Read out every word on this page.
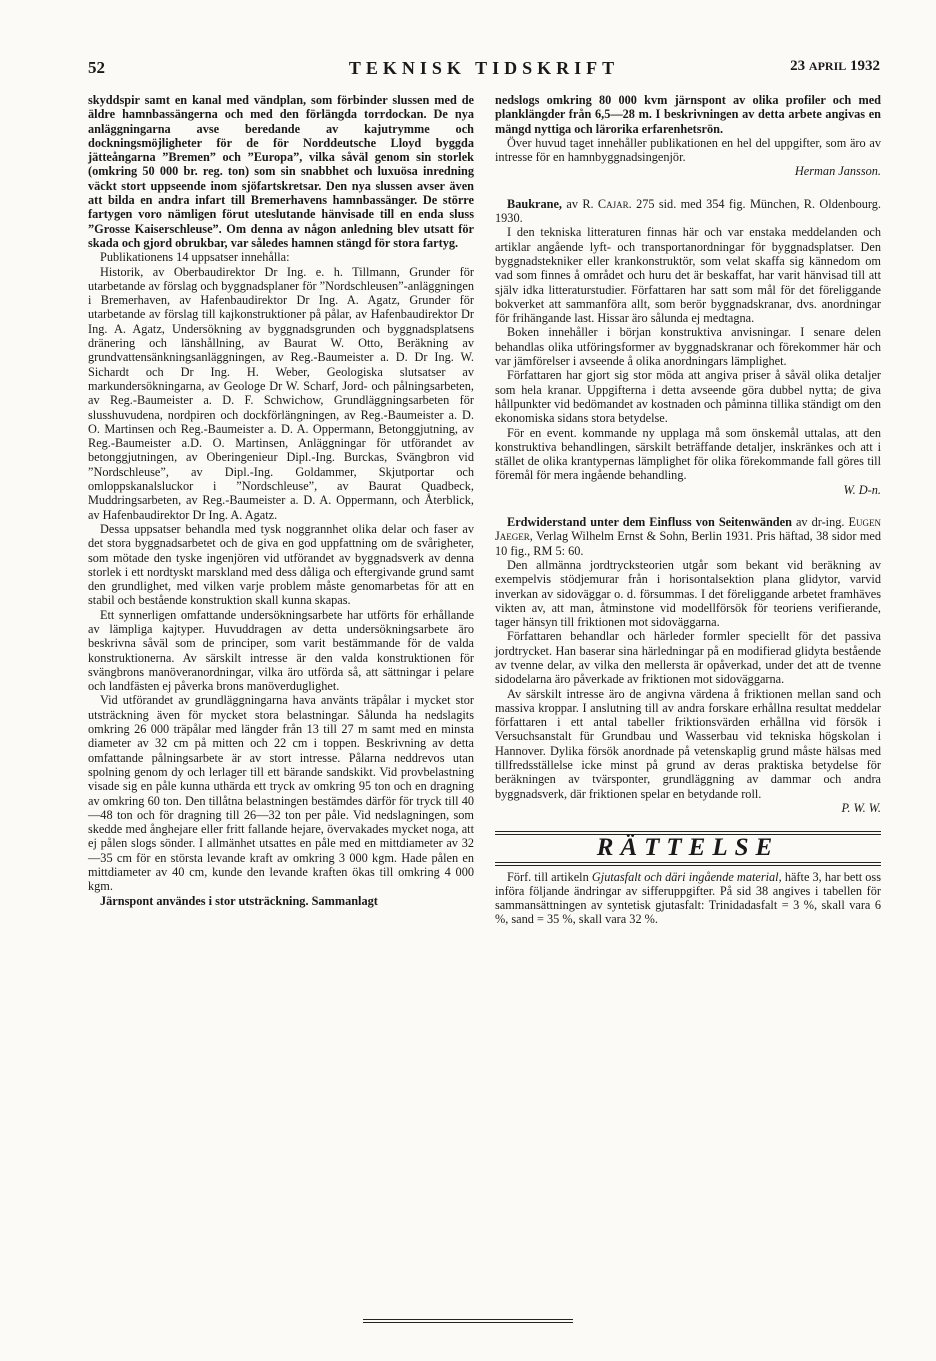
52	TEKNISK TIDSKRIFT	23 APRIL 1932

skyddspir samt en kanal med vändplan, som förbinder slussen med de äldre hamnbassängerna och med den förlängda torrdockan. De nya anläggningarna avse beredande av kajutrymme och dockningsmöjligheter för de för Norddeutsche Lloyd byggda jätteångarna ”Bremen” och ”Europa”, vilka såväl genom sin storlek (omkring 50 000 br. reg. ton) som sin snabbhet och luxuösa inredning väckt stort uppseende inom sjöfartskretsar. Den nya slussen avser även att bilda en andra infart till Bremerhavens hamnbassänger. De större fartygen voro nämligen förut uteslutande hänvisade till en enda sluss ”Grosse Kaiserschleuse”. Om denna av någon anledning blev utsatt för skada och gjord obrukbar, var således hamnen stängd för stora fartyg.

Publikationens 14 uppsatser innehålla:

Historik, av Oberbaudirektor Dr Ing. e. h. Tillmann, Grunder för utarbetande av förslag och byggnadsplaner för ”Nordschleusen”-anläggningen i Bremerhaven, av Hafenbaudirektor Dr Ing. A. Agatz, Grunder för utarbetande av förslag till kajkonstruktioner på pålar, av Hafenbaudirektor Dr Ing. A. Agatz, Undersökning av byggnadsgrunden och byggnadsplatsens dränering och länshållning, av Baurat W. Otto, Beräkning av grundvattensänkningsanläggningen, av Reg.-Baumeister a. D. Dr Ing. W. Sichardt och Dr Ing. H. Weber, Geologiska slutsatser av markundersökningarna, av Geologe Dr W. Scharf, Jord- och pålningsarbeten, av Reg.-Baumeister a. D. F. Schwichow, Grundläggningsarbeten för slusshuvudena, nordpiren och dockförlängningen, av Reg.-Baumeister a. D. O. Martinsen och Reg.-Baumeister a. D. A. Oppermann, Betonggjutning, av Reg.-Baumeister a.D. O. Martinsen, Anläggningar för utförandet av betonggjutningen, av Oberingenieur Dipl.-Ing. Burckas, Svängbron vid ”Nordschleuse”, av Dipl.-Ing. Goldammer, Skjutportar och omloppskanalsluckor i ”Nordschleuse”, av Baurat Quadbeck, Muddringsarbeten, av Reg.-Baumeister a. D. A. Oppermann, och Återblick, av Hafenbaudirektor Dr Ing. A. Agatz.

Dessa uppsatser behandla med tysk noggrannhet olika delar och faser av det stora byggnadsarbetet och de giva en god uppfattning om de svårigheter, som mötade den tyske ingenjören vid utförandet av byggnadsverk av denna storlek i ett nordtyskt marskland med dess dåliga och eftergivande grund samt den grundlighet, med vilken varje problem måste genomarbetas för att en stabil och bestående konstruktion skall kunna skapas.

Ett synnerligen omfattande undersökningsarbete har utförts för erhållande av lämpliga kajtyper. Huvuddragen av detta undersökningsarbete äro beskrivna såväl som de principer, som varit bestämmande för de valda konstruktionerna. Av särskilt intresse är den valda konstruktionen för svängbrons manöveranordningar, vilka äro utförda så, att sättningar i pelare och landfästen ej påverka brons manöverduglighet.

Vid utförandet av grundläggningarna hava använts träpålar i mycket stor utsträckning även för mycket stora belastningar. Sålunda ha nedslagits omkring 26 000 träpålar med längder från 13 till 27 m samt med en minsta diameter av 32 cm på mitten och 22 cm i toppen. Beskrivning av detta omfattande pålningsarbete är av stort intresse. Pålarna neddrevos utan spolning genom dy och lerlager till ett bärande sandskikt. Vid provbelastning visade sig en påle kunna uthärda ett tryck av omkring 95 ton och en dragning av omkring 60 ton. Den tillåtna belastningen bestämdes därför för tryck till 40—48 ton och för dragning till 26—32 ton per påle. Vid nedslagningen, som skedde med ånghejare eller fritt fallande hejare, övervakades mycket noga, att ej pålen slogs sönder. I allmänhet utsattes en påle med en mittdiameter av 32—35 cm för en största levande kraft av omkring 3 000 kgm. Hade pålen en mittdiameter av 40 cm, kunde den levande kraften ökas till omkring 4 000 kgm.

Järnspont användes i stor utsträckning. Sammanlagt

nedslogs omkring 80 000 kvm järnspont av olika profiler och med planklängder från 6,5—28 m. I beskrivningen av detta arbete angivas en mängd nyttiga och lärorika erfarenhetsrön.

Över huvud taget innehåller publikationen en hel del uppgifter, som äro av intresse för en hamnbyggnadsingenjör.

Herman Jansson.

Baukrane, av R. Cajar. 275 sid. med 354 fig. München, R. Oldenbourg. 1930.

I den tekniska litteraturen finnas här och var enstaka meddelanden och artiklar angående lyft- och transportanordningar för byggnadsplatser. Den byggnadstekniker eller krankonstruktör, som velat skaffa sig kännedom om vad som finnes å området och huru det är beskaffat, har varit hänvisad till att själv idka litteraturstudier. Författaren har satt som mål för det föreliggande bokverket att sammanföra allt, som berör byggnadskranar, dvs. anordningar för frihängande last. Hissar äro sålunda ej medtagna.

Boken innehåller i början konstruktiva anvisningar. I senare delen behandlas olika utföringsformer av byggnadskranar och förekommer här och var jämförelser i avseende å olika anordningars lämplighet.

Författaren har gjort sig stor möda att angiva priser å såväl olika detaljer som hela kranar. Uppgifterna i detta avseende göra dubbel nytta; de giva hållpunkter vid bedömandet av kostnaden och påminna tillika ständigt om den ekonomiska sidans stora betydelse.

För en event. kommande ny upplaga må som önskemål uttalas, att den konstruktiva behandlingen, särskilt beträffande detaljer, inskränkes och att i stället de olika krantypernas lämplighet för olika förekommande fall göres till föremål för mera ingående behandling.

W. D-n.

Erdwiderstand unter dem Einfluss von Seitenwänden av dr-ing. Eugen Jaeger, Verlag Wilhelm Ernst & Sohn, Berlin 1931. Pris häftad, 38 sidor med 10 fig., RM 5: 60.

Den allmänna jordtrycksteorien utgår som bekant vid beräkning av exempelvis stödjemurar från i horisontalsektion plana glidytor, varvid inverkan av sidoväggar o. d. försummas. I det föreliggande arbetet framhäves vikten av, att man, åtminstone vid modellförsök för teoriens verifierande, tager hänsyn till friktionen mot sidoväggarna.

Författaren behandlar och härleder formler speciellt för det passiva jordtrycket. Han baserar sina härledningar på en modifierad glidyta bestående av tvenne delar, av vilka den mellersta är opåverkad, under det att de tvenne sidodelarna äro påverkade av friktionen mot sidoväggarna.

Av särskilt intresse äro de angivna värdena å friktionen mellan sand och massiva kroppar. I anslutning till av andra forskare erhållna resultat meddelar författaren i ett antal tabeller friktionsvärden erhållna vid försök i Versuchsanstalt für Grundbau und Wasserbau vid tekniska högskolan i Hannover. Dylika försök anordnade på vetenskaplig grund måste hälsas med tillfredsställelse icke minst på grund av deras praktiska betydelse för beräkningen av tvärsponter, grundläggning av dammar och andra byggnadsverk, där friktionen spelar en betydande roll.

P. W. W.

RÄTTELSE

Förf. till artikeln Gjutasfalt och däri ingående material, häfte 3, har bett oss införa följande ändringar av sifferuppgifter. På sid 38 angives i tabellen för sammansättningen av syntetisk gjutasfalt: Trinidadasfalt = 3 %, skall vara 6 %, sand = 35 %, skall vara 32 %.
